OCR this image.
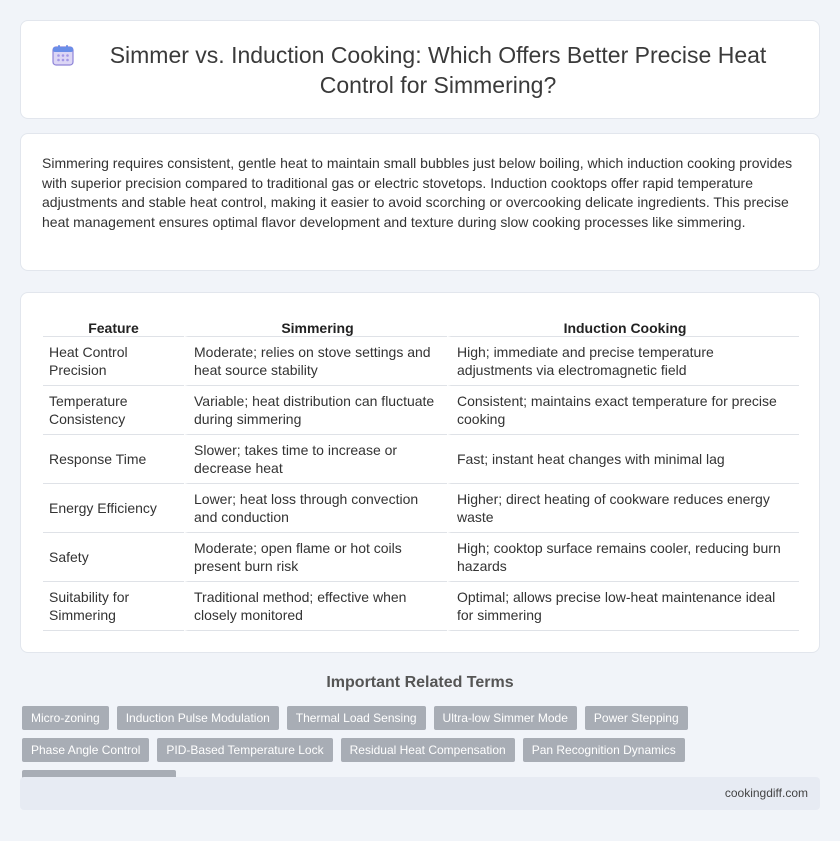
Simmer vs. Induction Cooking: Which Offers Better Precise Heat Control for Simmering?

Simmering requires consistent, gentle heat to maintain small bubbles just below boiling, which induction cooking provides with superior precision compared to traditional gas or electric stovetops. Induction cooktops offer rapid temperature adjustments and stable heat control, making it easier to avoid scorching or overcooking delicate ingredients. This precise heat management ensures optimal flavor development and texture during slow cooking processes like simmering.

Feature	Simmering	Induction Cooking
Heat Control Precision	Moderate; relies on stove settings and heat source stability	High; immediate and precise temperature adjustments via electromagnetic field
Temperature Consistency	Variable; heat distribution can fluctuate during simmering	Consistent; maintains exact temperature for precise cooking
Response Time	Slower; takes time to increase or decrease heat	Fast; instant heat changes with minimal lag
Energy Efficiency	Lower; heat loss through convection and conduction	Higher; direct heating of cookware reduces energy waste
Safety	Moderate; open flame or hot coils present burn risk	High; cooktop surface remains cooler, reducing burn hazards
Suitability for Simmering	Traditional method; effective when closely monitored	Optimal; allows precise low-heat maintenance ideal for simmering
Important Related Terms
Micro-zoning	Induction Pulse Modulation	Thermal Load Sensing	Ultra-low Simmer Mode	Power Stepping
Phase Angle Control	PID-Based Temperature Lock	Residual Heat Compensation	Pan Recognition Dynamics
cookingdiff.com
